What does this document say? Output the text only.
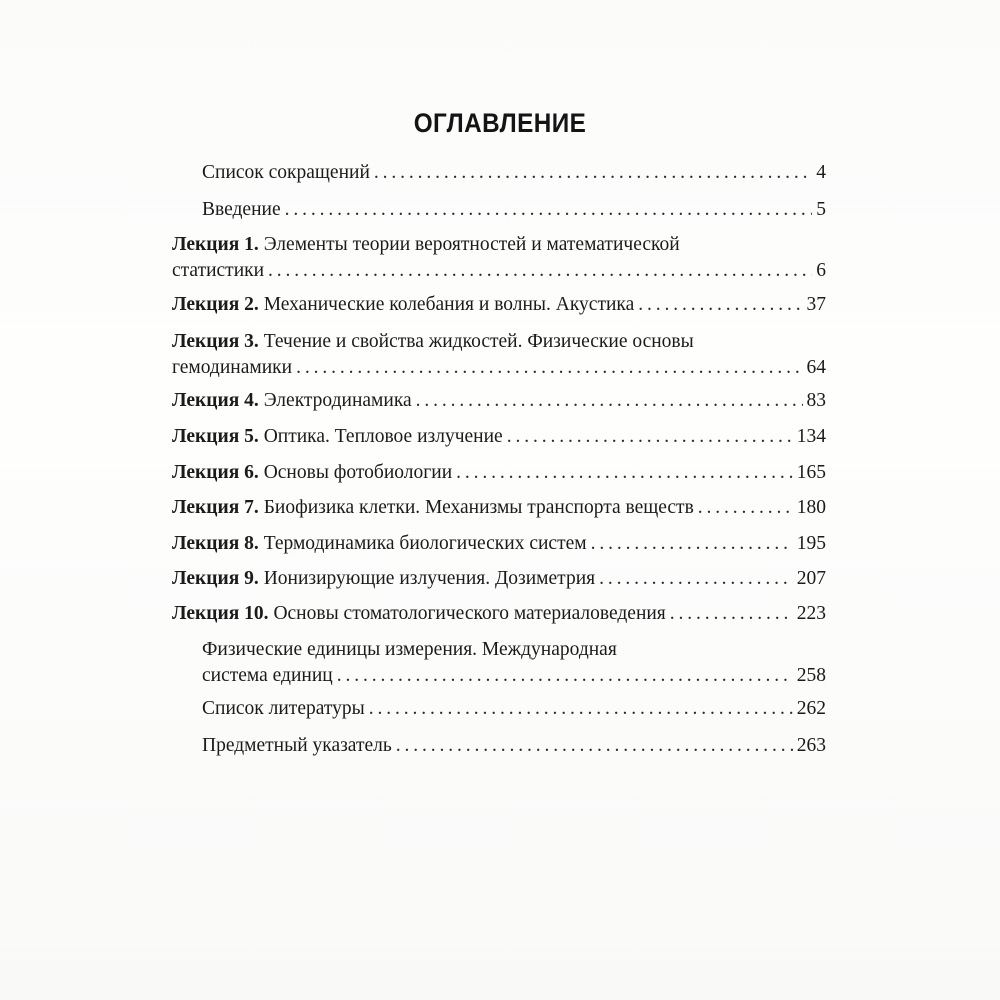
ОГЛАВЛЕНИЕ
Список сокращений . . .	4
Введение . . .	5
Лекция 1. Элементы теории вероятностей и математической
статистики . . .	6
Лекция 2. Механические колебания и волны. Акустика . . .	37
Лекция 3. Течение и свойства жидкостей. Физические основы
гемодинамики . . .	64
Лекция 4. Электродинамика . . .	83
Лекция 5. Оптика. Тепловое излучение . . .	134
Лекция 6. Основы фотобиологии . . .	165
Лекция 7. Биофизика клетки. Механизмы транспорта веществ . . .	180
Лекция 8. Термодинамика биологических систем . . .	195
Лекция 9. Ионизирующие излучения. Дозиметрия . . .	207
Лекция 10. Основы стоматологического материаловедения . . .	223
Физические единицы измерения. Международная
система единиц . . .	258
Список литературы . . .	262
Предметный указатель . . .	263
